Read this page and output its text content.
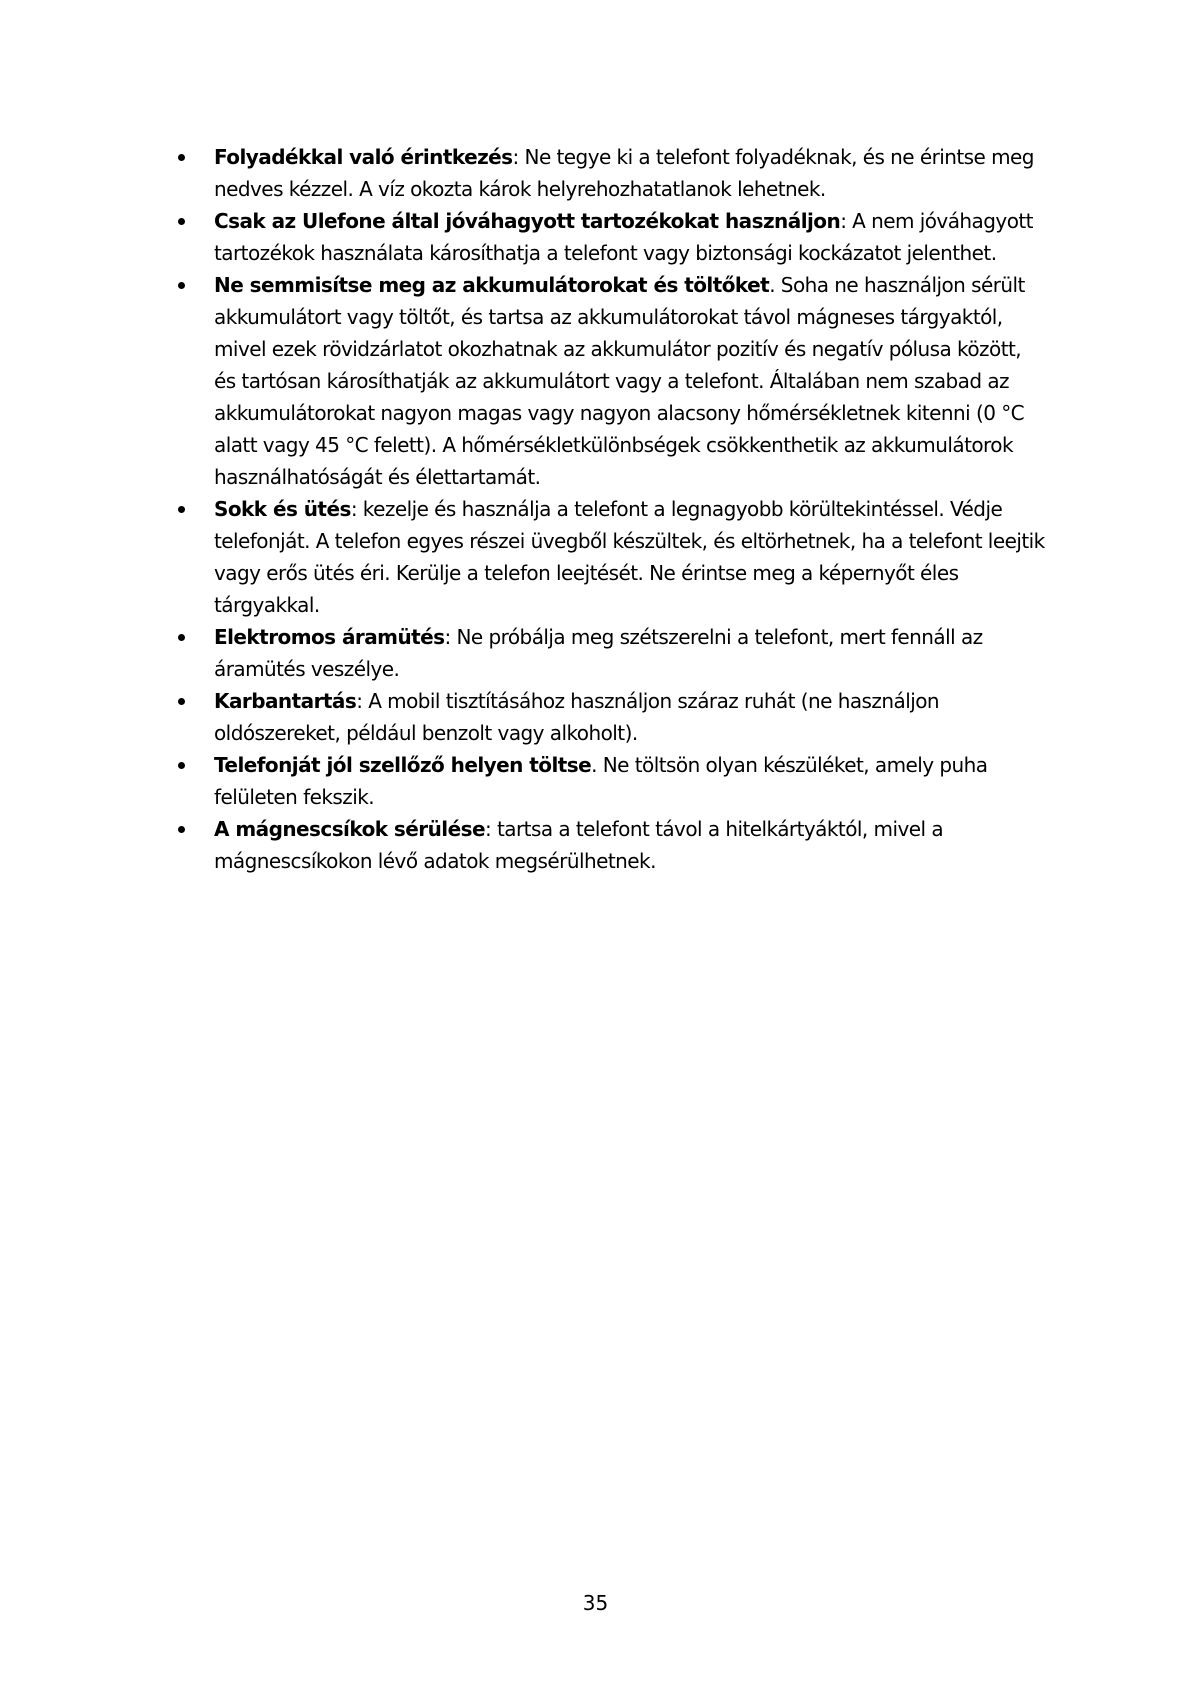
Folyadékkal való érintkezés: Ne tegye ki a telefont folyadéknak, és ne érintse meg nedves kézzel. A víz okozta károk helyrehozhatatlanok lehetnek.
Csak az Ulefone által jóváhagyott tartozékokat használjon: A nem jóváhagyott tartozékok használata károsíthatja a telefont vagy biztonsági kockázatot jelenthet.
Ne semmisítse meg az akkumulátorokat és töltőket. Soha ne használjon sérült akkumulátort vagy töltőt, és tartsa az akkumulátorokat távol mágneses tárgyaktól, mivel ezek rövidzárlatot okozhatnak az akkumulátor pozitív és negatív pólusa között, és tartósan károsíthatják az akkumulátort vagy a telefont. Általában nem szabad az akkumulátorokat nagyon magas vagy nagyon alacsony hőmérsékletnek kitenni (0 °C alatt vagy 45 °C felett). A hőmérsékletkülönbségek csökkenthetik az akkumulátorok használhatóságát és élettartamát.
Sokk és ütés: kezelje és használja a telefont a legnagyobb körültekintéssel. Védje telefonját. A telefon egyes részei üvegből készültek, és eltörhetnek, ha a telefont leejtik vagy erős ütés éri. Kerülje a telefon leejtését. Ne érintse meg a képernyőt éles tárgyakkal.
Elektromos áramütés: Ne próbálja meg szétszerelni a telefont, mert fennáll az áramütés veszélye.
Karbantartás: A mobil tisztításához használjon száraz ruhát (ne használjon oldószereket, például benzolt vagy alkoholt).
Telefonját jól szellőző helyen töltse. Ne töltsön olyan készüléket, amely puha felületen fekszik.
A mágnescsíkok sérülése: tartsa a telefont távol a hitelkártyáktól, mivel a mágnescsíkokon lévő adatok megsérülhetnek.
35
